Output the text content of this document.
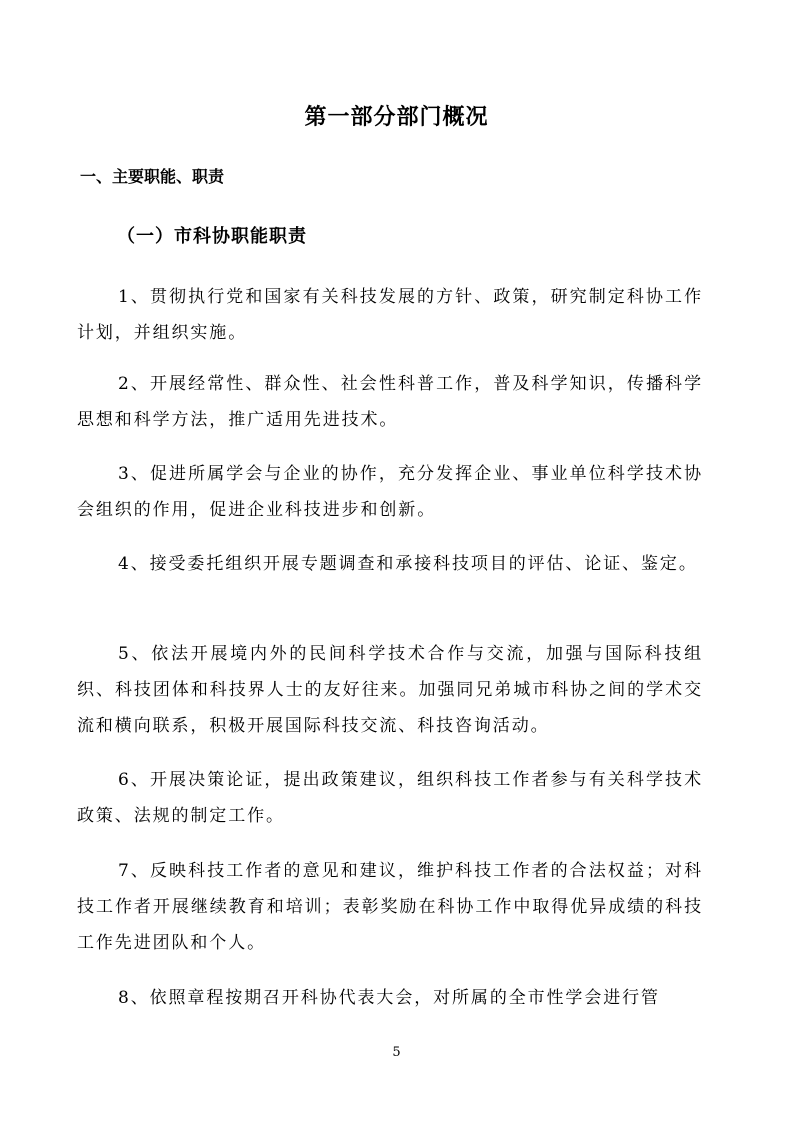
第一部分部门概况
一、主要职能、职责
（一）市科协职能职责

1、贯彻执行党和国家有关科技发展的方针、政策，研究制定科协工作计划，并组织实施。

2、开展经常性、群众性、社会性科普工作，普及科学知识，传播科学思想和科学方法，推广适用先进技术。

3、促进所属学会与企业的协作，充分发挥企业、事业单位科学技术协会组织的作用，促进企业科技进步和创新。

4、接受委托组织开展专题调查和承接科技项目的评估、论证、鉴定。

5、依法开展境内外的民间科学技术合作与交流，加强与国际科技组织、科技团体和科技界人士的友好往来。加强同兄弟城市科协之间的学术交流和横向联系，积极开展国际科技交流、科技咨询活动。

6、开展决策论证，提出政策建议，组织科技工作者参与有关科学技术政策、法规的制定工作。

7、反映科技工作者的意见和建议，维护科技工作者的合法权益；对科技工作者开展继续教育和培训；表彰奖励在科协工作中取得优异成绩的科技工作先进团队和个人。

8、依照章程按期召开科协代表大会，对所属的全市性学会进行管

5
